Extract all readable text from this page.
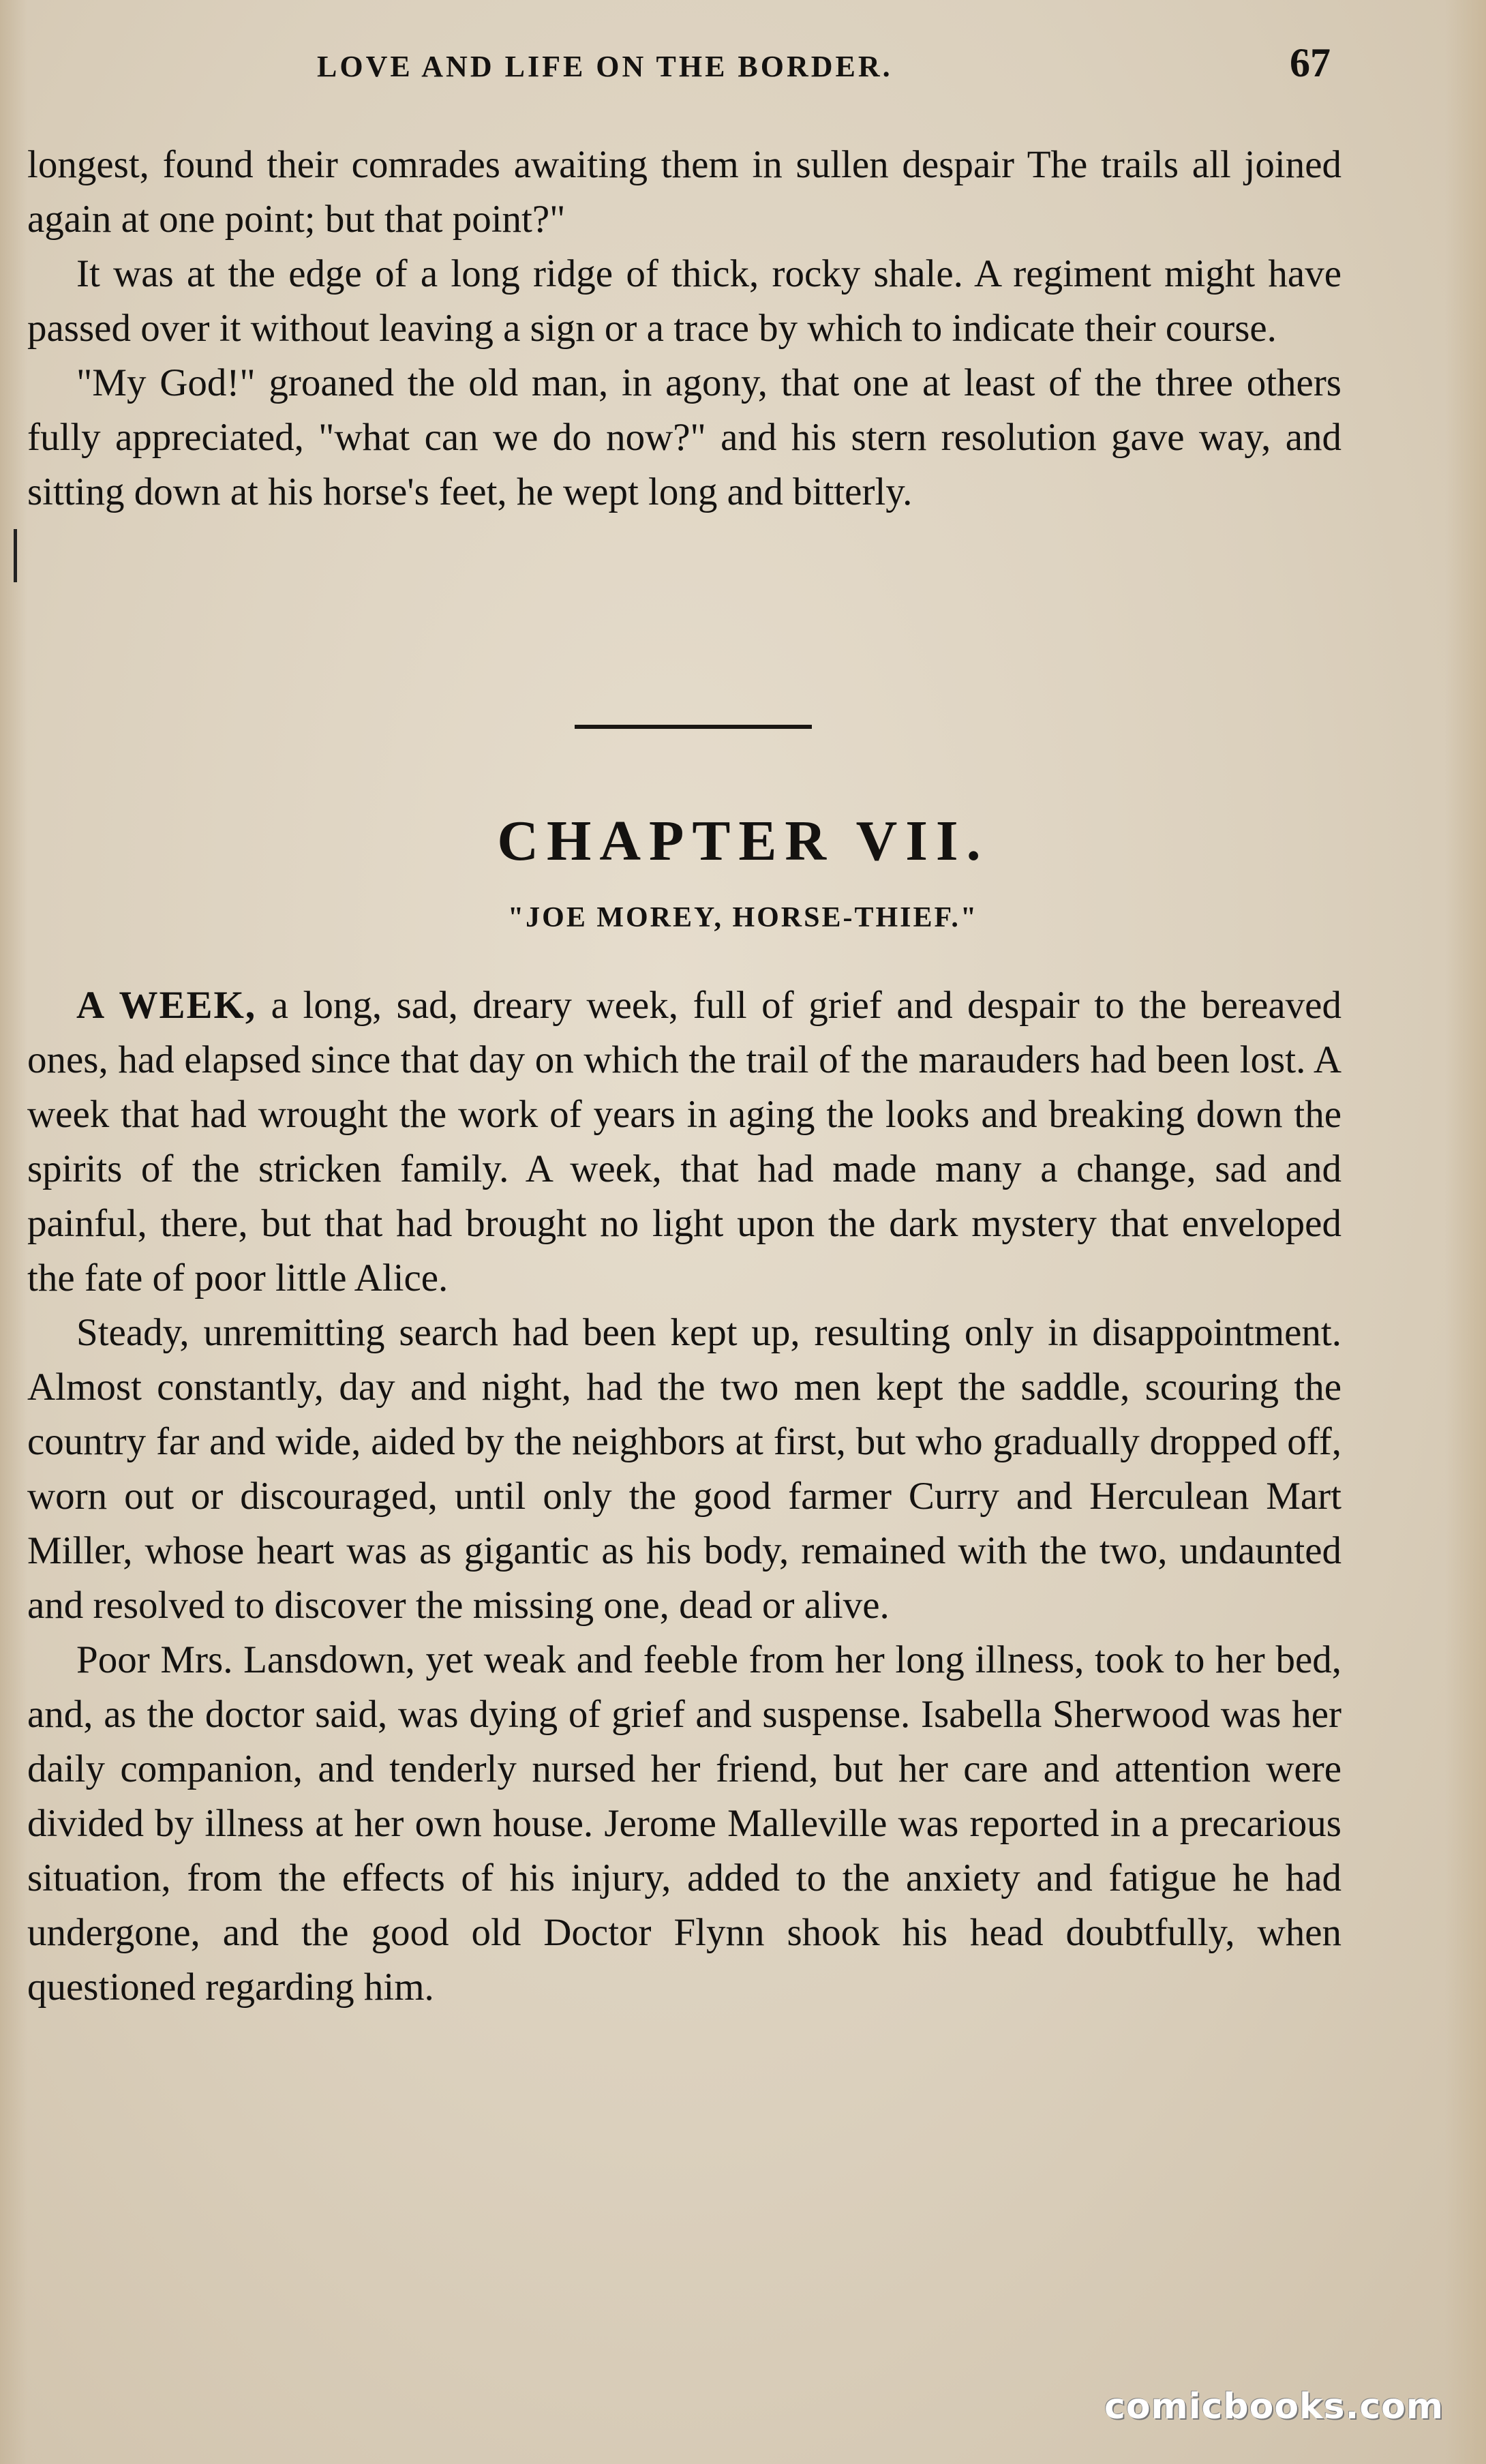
LOVE AND LIFE ON THE BORDER.	67

longest, found their comrades awaiting them in sullen despair The trails all joined again at one point; but that point?"

It was at the edge of a long ridge of thick, rocky shale. A regiment might have passed over it without leaving a sign or a trace by which to indicate their course.

"My God!" groaned the old man, in agony, that one at least of the three others fully appreciated, "what can we do now?" and his stern resolution gave way, and sitting down at his horse's feet, he wept long and bitterly.

CHAPTER VII.
"JOE MOREY, HORSE-THIEF."

A WEEK, a long, sad, dreary week, full of grief and despair to the bereaved ones, had elapsed since that day on which the trail of the marauders had been lost. A week that had wrought the work of years in aging the looks and breaking down the spirits of the stricken family. A week, that had made many a change, sad and painful, there, but that had brought no light upon the dark mystery that enveloped the fate of poor little Alice.

Steady, unremitting search had been kept up, resulting only in disappointment. Almost constantly, day and night, had the two men kept the saddle, scouring the country far and wide, aided by the neighbors at first, but who gradually dropped off, worn out or discouraged, until only the good farmer Curry and Herculean Mart Miller, whose heart was as gigantic as his body, remained with the two, undaunted and resolved to discover the missing one, dead or alive.

Poor Mrs. Lansdown, yet weak and feeble from her long illness, took to her bed, and, as the doctor said, was dying of grief and suspense. Isabella Sherwood was her daily companion, and tenderly nursed her friend, but her care and attention were divided by illness at her own house. Jerome Malleville was reported in a precarious situation, from the effects of his injury, added to the anxiety and fatigue he had undergone, and the good old Doctor Flynn shook his head doubtfully, when questioned regarding him.

comicbooks.com
